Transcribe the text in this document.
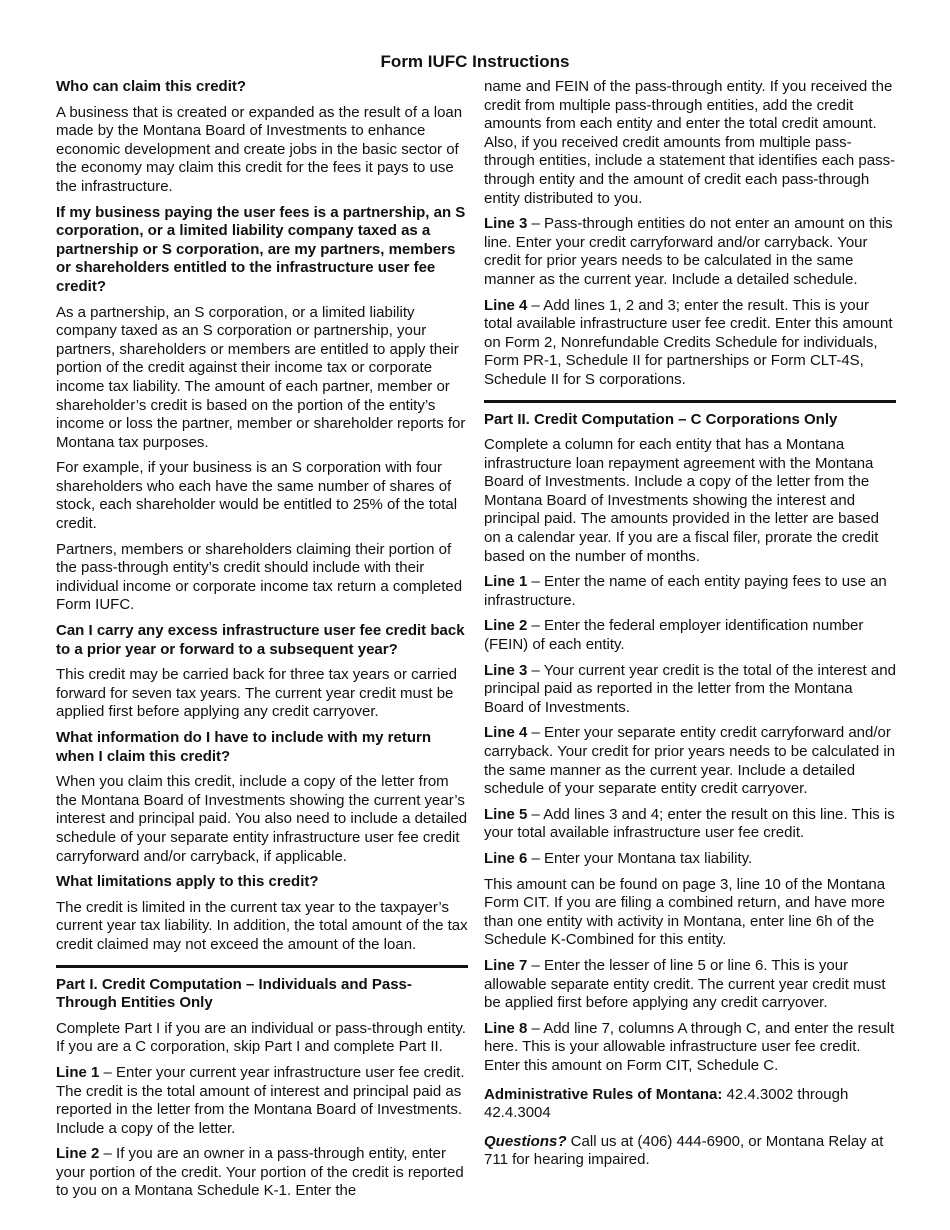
Form IUFC Instructions

Who can claim this credit?

A business that is created or expanded as the result of a loan made by the Montana Board of Investments to enhance economic development and create jobs in the basic sector of the economy may claim this credit for the fees it pays to use the infrastructure.

If my business paying the user fees is a partnership, an S corporation, or a limited liability company taxed as a partnership or S corporation, are my partners, members or shareholders entitled to the infrastructure user fee credit?

As a partnership, an S corporation, or a limited liability company taxed as an S corporation or partnership, your partners, shareholders or members are entitled to apply their portion of the credit against their income tax or corporate income tax liability. The amount of each partner, member or shareholder’s credit is based on the portion of the entity’s income or loss the partner, member or shareholder reports for Montana tax purposes.

For example, if your business is an S corporation with four shareholders who each have the same number of shares of stock, each shareholder would be entitled to 25% of the total credit.

Partners, members or shareholders claiming their portion of the pass-through entity’s credit should include with their individual income or corporate income tax return a completed Form IUFC.

Can I carry any excess infrastructure user fee credit back to a prior year or forward to a subsequent year?

This credit may be carried back for three tax years or carried forward for seven tax years. The current year credit must be applied first before applying any credit carryover.

What information do I have to include with my return when I claim this credit?

When you claim this credit, include a copy of the letter from the Montana Board of Investments showing the current year’s interest and principal paid. You also need to include a detailed schedule of your separate entity infrastructure user fee credit carryforward and/or carryback, if applicable.

What limitations apply to this credit?

The credit is limited in the current tax year to the taxpayer’s current year tax liability. In addition, the total amount of the tax credit claimed may not exceed the amount of the loan.

Part I. Credit Computation – Individuals and Pass-Through Entities Only

Complete Part I if you are an individual or pass-through entity. If you are a C corporation, skip Part I and complete Part II.

Line 1 – Enter your current year infrastructure user fee credit. The credit is the total amount of interest and principal paid as reported in the letter from the Montana Board of Investments. Include a copy of the letter.

Line 2 – If you are an owner in a pass-through entity, enter your portion of the credit. Your portion of the credit is reported to you on a Montana Schedule K-1. Enter the

name and FEIN of the pass-through entity. If you received the credit from multiple pass-through entities, add the credit amounts from each entity and enter the total credit amount. Also, if you received credit amounts from multiple pass-through entities, include a statement that identifies each pass-through entity and the amount of credit each pass-through entity distributed to you.

Line 3 – Pass-through entities do not enter an amount on this line. Enter your credit carryforward and/or carryback. Your credit for prior years needs to be calculated in the same manner as the current year. Include a detailed schedule.

Line 4 – Add lines 1, 2 and 3; enter the result. This is your total available infrastructure user fee credit. Enter this amount on Form 2, Nonrefundable Credits Schedule for individuals, Form PR-1, Schedule II for partnerships or Form CLT-4S, Schedule II for S corporations.

Part II. Credit Computation – C Corporations Only

Complete a column for each entity that has a Montana infrastructure loan repayment agreement with the Montana Board of Investments. Include a copy of the letter from the Montana Board of Investments showing the interest and principal paid. The amounts provided in the letter are based on a calendar year. If you are a fiscal filer, prorate the credit based on the number of months.

Line 1 – Enter the name of each entity paying fees to use an infrastructure.

Line 2 – Enter the federal employer identification number (FEIN) of each entity.

Line 3 – Your current year credit is the total of the interest and principal paid as reported in the letter from the Montana Board of Investments.

Line 4 – Enter your separate entity credit carryforward and/or carryback. Your credit for prior years needs to be calculated in the same manner as the current year. Include a detailed schedule of your separate entity credit carryover.

Line 5 – Add lines 3 and 4; enter the result on this line. This is your total available infrastructure user fee credit.

Line 6 – Enter your Montana tax liability.

This amount can be found on page 3, line 10 of the Montana Form CIT. If you are filing a combined return, and have more than one entity with activity in Montana, enter line 6h of the Schedule K-Combined for this entity.

Line 7 – Enter the lesser of line 5 or line 6. This is your allowable separate entity credit. The current year credit must be applied first before applying any credit carryover.

Line 8 – Add line 7, columns A through C, and enter the result here. This is your allowable infrastructure user fee credit. Enter this amount on Form CIT, Schedule C.

Administrative Rules of Montana: 42.4.3002 through 42.4.3004

Questions? Call us at (406) 444-6900, or Montana Relay at 711 for hearing impaired.
